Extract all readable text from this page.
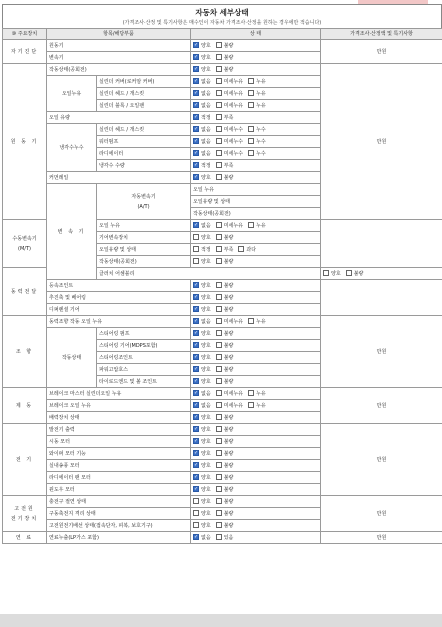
자동차 세부상태
(가격조사·산정 및 특기사항은 매수인이 자동차 가격조사·산정을 원하는 경우에만 적습니다)
⑩ 주요장치	항목/해당부품		상 태	가격조사·산정액 및 특기사항	
자기진단	원동기	✓양호 불량	만원	
	변속기	✓양호 불량
원 동 기	작동상태(공회전)	✓양호 불량	만원	
	오일누유	실린더 커버(로커암 커버)	✓없음 미세누유 누유
		실린더 헤드 / 개스킷	✓없음 미세누유 누유
		실린더 블록 / 오일팬	✓없음 미세누유 누유
	오일 유량	✓적정 부족
	냉각수누수	실린더 헤드 / 개스킷	✓없음 미세누수 누수
		워터펌프	✓없음 미세누수 누수
		라디에이터	✓없음 미세누수 누수
		냉각수 수량	✓적정 부족
	커먼레일	✓양호 불량
	변 속 기	자동변속기
(A/T)	오일 누유		
			오일유량 및 상태	
			작동상태(공회전)	
수동변속기
(M/T)		오일 누유	✓없음 미세누유 누유
		기어변속장치	양호 불량		
		오일유량 및 상태	적정 부족 과다		
		작동상태(공회전)	양호 불량		
동력전달		클러치 어셈블리		양호 불량	
	등속조인트	✓양호 불량
	추진축 및 베어링	✓양호 불량
	디퍼렌셜 기어	✓양호 불량
조 향	동력조향 작동 오일 누유	✓없음 미세누유 누유	만원	
	작동상태	스티어링 펌프	✓양호 불량
		스티어링 기어(MDPS포함)	✓양호 불량
		스티어링조인트	✓양호 불량
		파워고압호스	✓양호 불량
		타이로드엔드 및 볼 조인트	✓양호 불량
제 동	브레이크 마스터 실린더오일 누유	✓없음 미세누유 누유	만원	
	브레이크 오일 누유	✓없음 미세누유 누유
	배력장치 상태	✓양호 불량
전 기	발전기 출력	✓양호 불량	만원	
	시동 모터	✓양호 불량
	와이퍼 모터 기능	✓양호 불량
	실내송풍 모터	✓양호 불량
	라디에이터 팬 모터	✓양호 불량
	윈도우 모터	✓양호 불량
고전원
전기장치	충전구 절연 상태		양호 불량	만원	
	구동축전지 격리 상태		양호 불량		
	고전원전기배선 상태(접속단자, 피복, 보호기구)		양호 불량		
연 료	연료누출(LP가스 포함)	✓없음 있음	만원	
